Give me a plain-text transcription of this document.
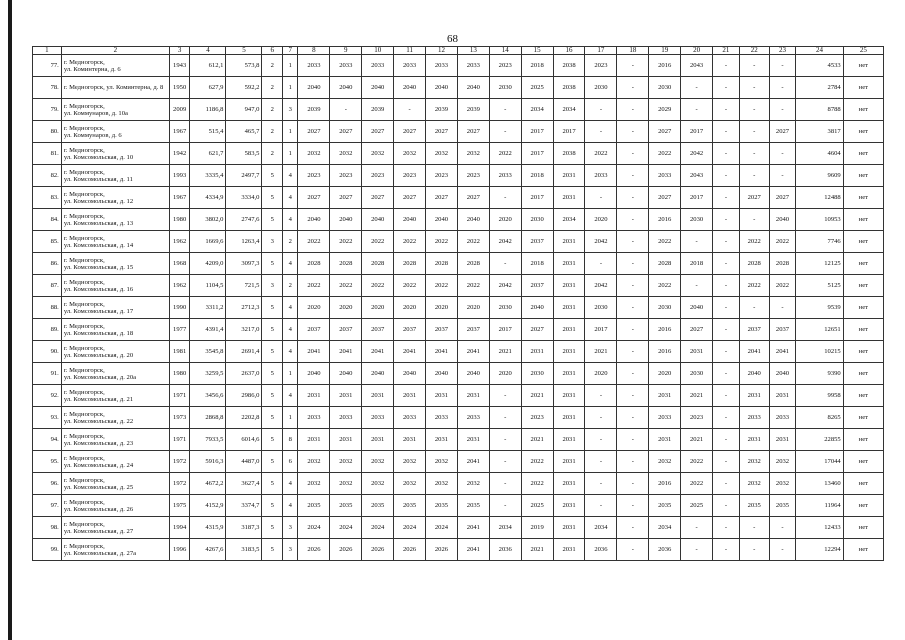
68
1	2	3	4	5	6	7	8	9	10	11	12	13	14	15	16	17	18	19	20	21	22	23	24	25
77.	г. Медногорск,
ул. Коминтерна, д. 6	1943	612,1	573,8	2	1	2033	2033	2033	2033	2033	2033	2023	2018	2038	2023	-	2016	2043	-	-	-	4533	нет
78.	г. Медногорск, ул. Коминтерна, д. 8	1950	627,9	592,2	2	1	2040	2040	2040	2040	2040	2040	2030	2025	2038	2030	-	2030	-	-	-	-	2784	нет
79.	г. Медногорск,
ул. Коммунаров, д. 10а	2009	1186,8	947,0	2	3	2039	-	2039	-	2039	2039	-	2034	2034	-	-	2029	-	-	-	-	8788	нет
80.	г. Медногорск,
ул. Коммунаров, д. 6	1967	515,4	465,7	2	1	2027	2027	2027	2027	2027	2027	-	2017	2017	-	-	2027	2017	-	-	2027	3817	нет
81.	г. Медногорск,
ул. Комсомольская, д. 10	1942	621,7	583,5	2	1	2032	2032	2032	2032	2032	2032	2022	2017	2038	2022	-	2022	2042	-	-	-	4604	нет
82.	г. Медногорск,
ул. Комсомольская, д. 11	1993	3335,4	2497,7	5	4	2023	2023	2023	2023	2023	2023	2033	2018	2031	2033	-	2033	2043	-	-	-	9609	нет
83.	г. Медногорск,
ул. Комсомольская, д. 12	1967	4334,9	3334,0	5	4	2027	2027	2027	2027	2027	2027	-	2017	2031	-	-	2027	2017	-	2027	2027	12488	нет
84.	г. Медногорск,
ул. Комсомольская, д. 13	1980	3802,0	2747,6	5	4	2040	2040	2040	2040	2040	2040	2020	2030	2034	2020	-	2016	2030	-	-	2040	10953	нет
85.	г. Медногорск,
ул. Комсомольская, д. 14	1962	1669,6	1263,4	3	2	2022	2022	2022	2022	2022	2022	2042	2037	2031	2042	-	2022	-	-	2022	2022	7746	нет
86.	г. Медногорск,
ул. Комсомольская, д. 15	1968	4209,0	3097,3	5	4	2028	2028	2028	2028	2028	2028	-	2018	2031	-	-	2028	2018	-	2028	2028	12125	нет
87.	г. Медногорск,
ул. Комсомольская, д. 16	1962	1104,5	721,5	3	2	2022	2022	2022	2022	2022	2022	2042	2037	2031	2042	-	2022	-	-	2022	2022	5125	нет
88.	г. Медногорск,
ул. Комсомольская, д. 17	1990	3311,2	2712,3	5	4	2020	2020	2020	2020	2020	2020	2030	2040	2031	2030	-	2030	2040	-	-	-	9539	нет
89.	г. Медногорск,
ул. Комсомольская, д. 18	1977	4391,4	3217,0	5	4	2037	2037	2037	2037	2037	2037	2017	2027	2031	2017	-	2016	2027	-	2037	2037	12651	нет
90.	г. Медногорск,
ул. Комсомольская, д. 20	1981	3545,8	2691,4	5	4	2041	2041	2041	2041	2041	2041	2021	2031	2031	2021	-	2016	2031	-	2041	2041	10215	нет
91.	г. Медногорск,
ул. Комсомольская, д. 20а	1980	3259,5	2637,0	5	1	2040	2040	2040	2040	2040	2040	2020	2030	2031	2020	-	2020	2030	-	2040	2040	9390	нет
92.	г. Медногорск,
ул. Комсомольская, д. 21	1971	3456,6	2986,0	5	4	2031	2031	2031	2031	2031	2031	-	2021	2031	-	-	2031	2021	-	2031	2031	9958	нет
93.	г. Медногорск,
ул. Комсомольская, д. 22	1973	2868,8	2202,8	5	1	2033	2033	2033	2033	2033	2033	-	2023	2031	-	-	2033	2023	-	2033	2033	8265	нет
94.	г. Медногорск,
ул. Комсомольская, д. 23	1971	7933,5	6014,6	5	8	2031	2031	2031	2031	2031	2031	-	2021	2031	-	-	2031	2021	-	2031	2031	22855	нет
95.	г. Медногорск,
ул. Комсомольская, д. 24	1972	5916,3	4487,0	5	6	2032	2032	2032	2032	2032	2041	-	2022	2031	-	-	2032	2022	-	2032	2032	17044	нет
96.	г. Медногорск,
ул. Комсомольская, д. 25	1972	4672,2	3627,4	5	4	2032	2032	2032	2032	2032	2032	-	2022	2031	-	-	2016	2022	-	2032	2032	13460	нет
97.	г. Медногорск,
ул. Комсомольская, д. 26	1975	4152,9	3374,7	5	4	2035	2035	2035	2035	2035	2035	-	2025	2031	-	-	2035	2025	-	2035	2035	11964	нет
98.	г. Медногорск,
ул. Комсомольская, д. 27	1994	4315,9	3187,3	5	3	2024	2024	2024	2024	2024	2041	2034	2019	2031	2034	-	2034	-	-	-	-	12433	нет
99.	г. Медногорск,
ул. Комсомольская, д. 27а	1996	4267,6	3183,5	5	3	2026	2026	2026	2026	2026	2041	2036	2021	2031	2036	-	2036	-	-	-	-	12294	нет
